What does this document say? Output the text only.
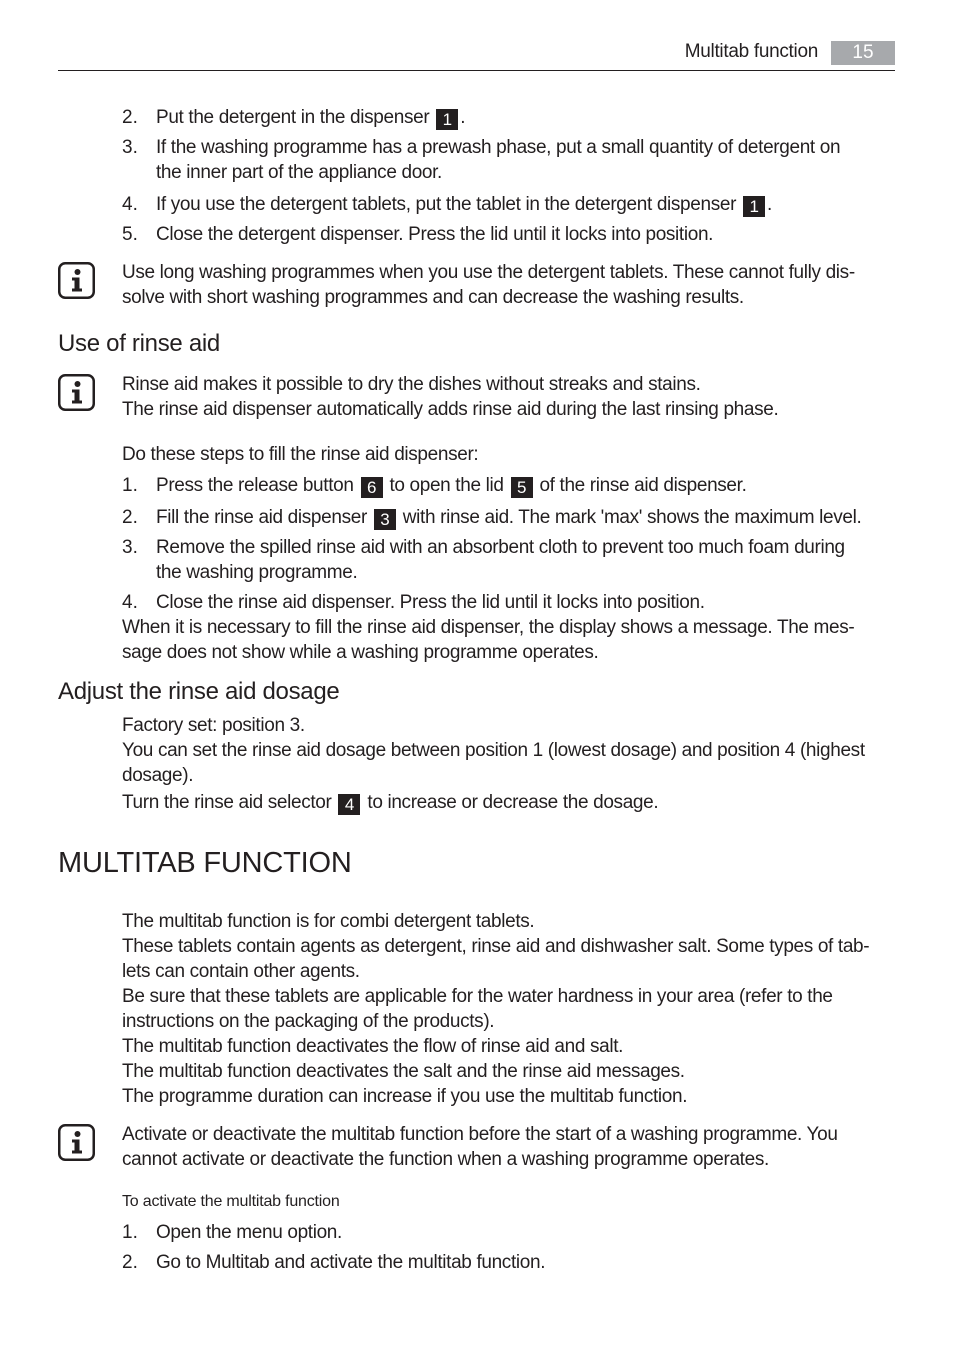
Multitab function	15
2. Put the detergent in the dispenser 1 .
3. If the washing programme has a prewash phase, put a small quantity of detergent on
the inner part of the appliance door.
4. If you use the detergent tablets, put the tablet in the detergent dispenser 1 .
5. Close the detergent dispenser. Press the lid until it locks into position.
Use long washing programmes when you use the detergent tablets. These cannot fully dis-
solve with short washing programmes and can decrease the washing results.
Use of rinse aid
Rinse aid makes it possible to dry the dishes without streaks and stains.
The rinse aid dispenser automatically adds rinse aid during the last rinsing phase.
Do these steps to fill the rinse aid dispenser:
1. Press the release button 6 to open the lid 5 of the rinse aid dispenser.
2. Fill the rinse aid dispenser 3 with rinse aid. The mark 'max' shows the maximum level.
3. Remove the spilled rinse aid with an absorbent cloth to prevent too much foam during
the washing programme.
4. Close the rinse aid dispenser. Press the lid until it locks into position.
When it is necessary to fill the rinse aid dispenser, the display shows a message. The mes-
sage does not show while a washing programme operates.
Adjust the rinse aid dosage
Factory set: position 3.
You can set the rinse aid dosage between position 1 (lowest dosage) and position 4 (highest
dosage).
Turn the rinse aid selector 4 to increase or decrease the dosage.
MULTITAB FUNCTION
The multitab function is for combi detergent tablets.
These tablets contain agents as detergent, rinse aid and dishwasher salt. Some types of tab-
lets can contain other agents.
Be sure that these tablets are applicable for the water hardness in your area (refer to the
instructions on the packaging of the products).
The multitab function deactivates the flow of rinse aid and salt.
The multitab function deactivates the salt and the rinse aid messages.
The programme duration can increase if you use the multitab function.
Activate or deactivate the multitab function before the start of a washing programme. You
cannot activate or deactivate the function when a washing programme operates.
To activate the multitab function
1. Open the menu option.
2. Go to Multitab and activate the multitab function.
